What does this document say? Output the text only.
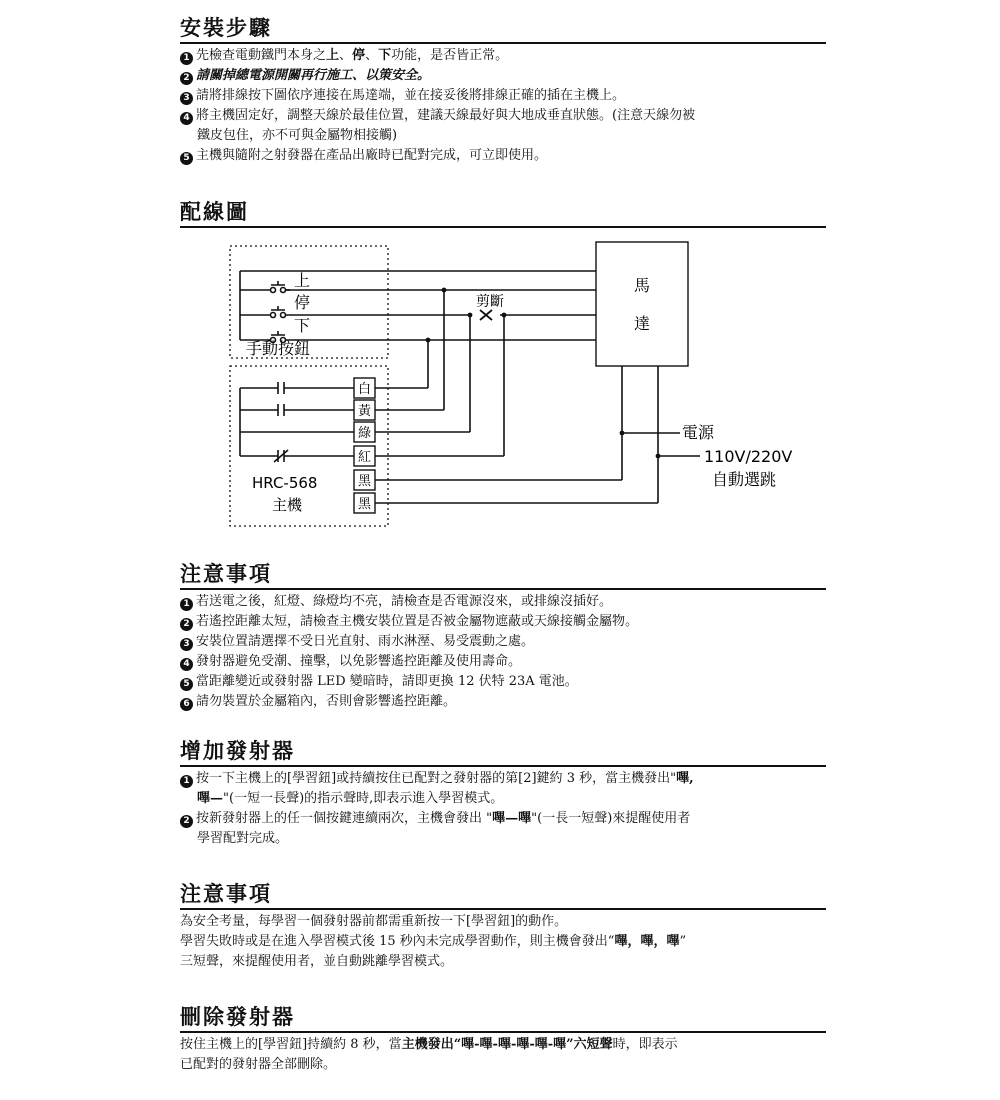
安裝步驟

1 先檢查電動鐵門本身之上、停、下功能，是否皆正常。

2 請關掉總電源開關再行施工、以策安全。

3 請將排線按下圖依序連接在馬達端，並在接妥後將排線正確的插在主機上。

4 將主機固定好，調整天線於最佳位置，建議天線最好與大地成垂直狀態。(注意天線勿被
鐵皮包住，亦不可與金屬物相接觸)

5 主機與隨附之射發器在產品出廠時已配對完成，可立即使用。

配線圖
白
黃
綠
紅
黑
黑
上
停
下
手動按鈕
剪斷
馬
達
HRC-568
主機
電源
110V/220V
自動選跳
注意事項

1 若送電之後，紅燈、綠燈均不亮，請檢查是否電源沒來，或排線沒插好。

2 若遙控距離太短，請檢查主機安裝位置是否被金屬物遮蔽或天線接觸金屬物。

3 安裝位置請選擇不受日光直射、雨水淋溼、易受震動之處。

4 發射器避免受潮、撞擊，以免影響遙控距離及使用壽命。

5 當距離變近或發射器 LED 變暗時，請即更換 12 伏特 23A 電池。

6 請勿裝置於金屬箱內，否則會影響遙控距離。

增加發射器

1 按一下主機上的[學習鈕]或持續按住已配對之發射器的第[2]鍵約 3 秒，當主機發出"嗶,
嗶—"(一短一長聲)的指示聲時,即表示進入學習模式。

2 按新發射器上的任一個按鍵連續兩次，主機會發出 "嗶—嗶"(一長一短聲)來提醒使用者
學習配對完成。

注意事項

為安全考量，每學習一個發射器前都需重新按一下[學習鈕]的動作。

學習失敗時或是在進入學習模式後 15 秒內未完成學習動作，則主機會發出“嗶，嗶，嗶”

三短聲，來提醒使用者，並自動跳離學習模式。

刪除發射器

按住主機上的[學習鈕]持續約 8 秒，當主機發出“嗶-嗶-嗶-嗶-嗶-嗶”六短聲時，即表示

已配對的發射器全部刪除。
